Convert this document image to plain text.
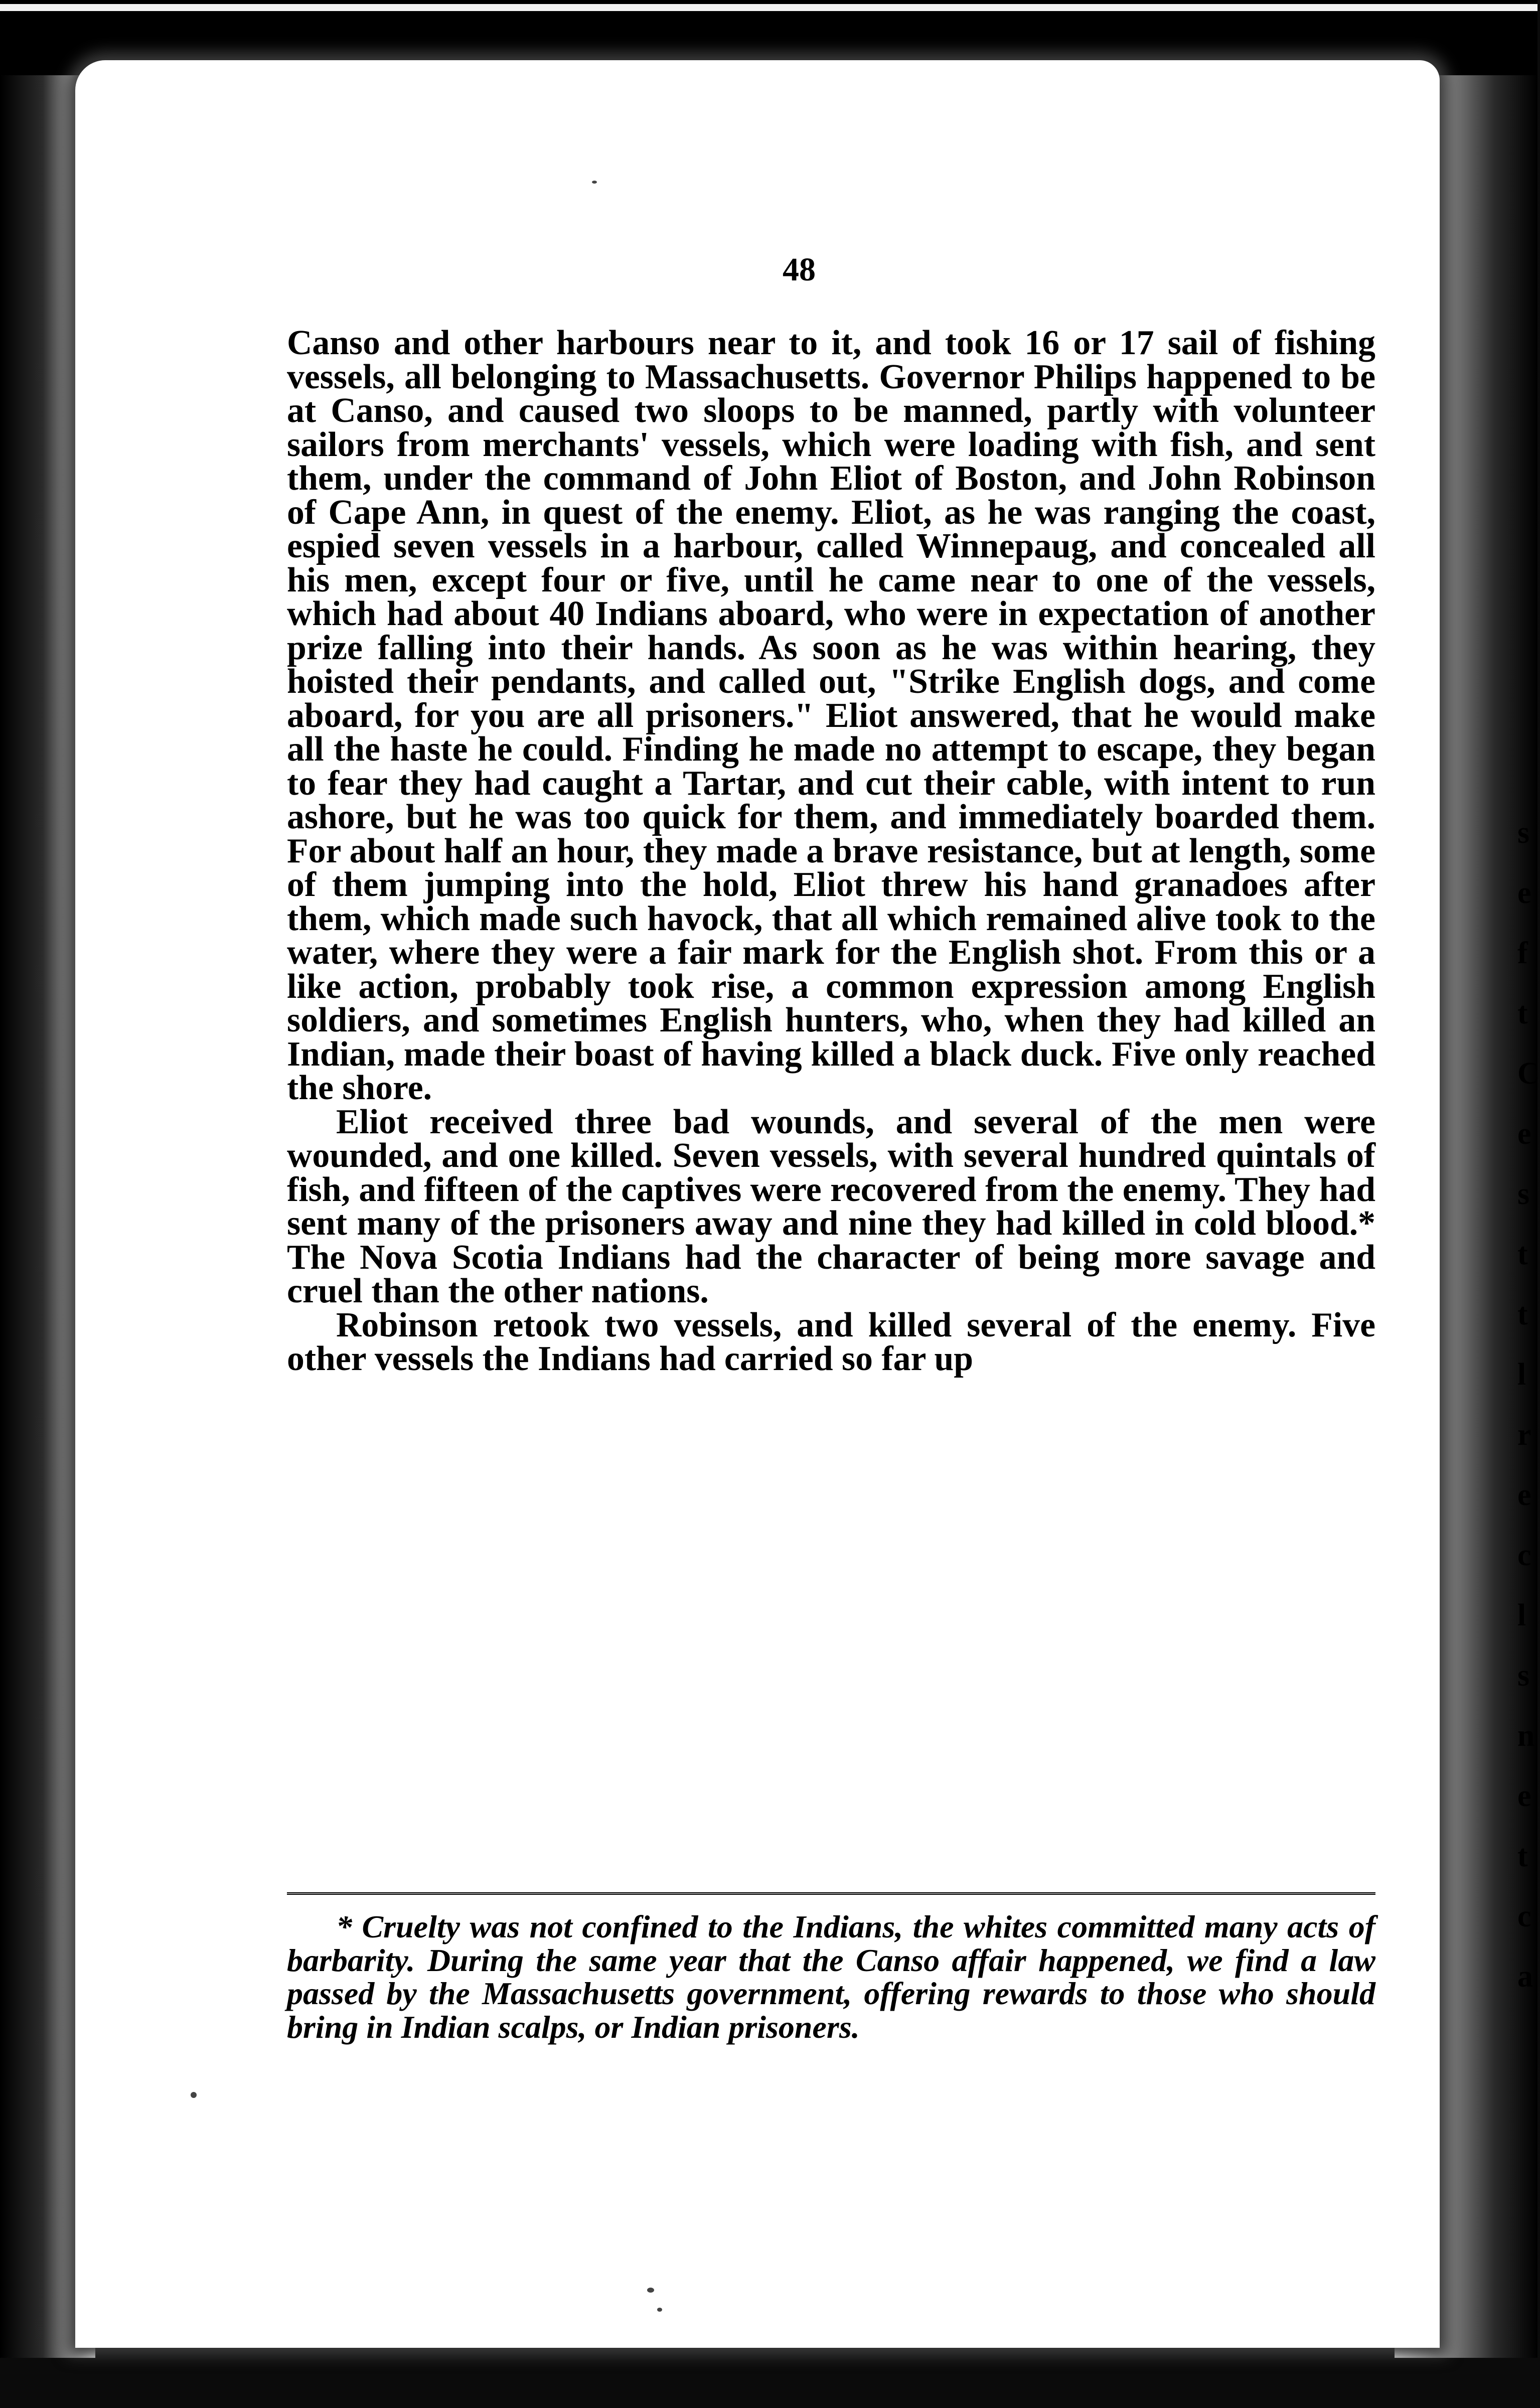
s
e
f
t
C
e
s
t
t
l
r
e
c
l
s
n
e
t
c
a
48

Canso and other harbours near to it, and took 16 or 17 sail of fishing vessels, all belonging to Massachusetts. Governor Philips happened to be at Canso, and caused two sloops to be manned, partly with volunteer sailors from merchants' vessels, which were loading with fish, and sent them, under the command of John Eliot of Boston, and John Robinson of Cape Ann, in quest of the enemy. Eliot, as he was ranging the coast, espied seven vessels in a harbour, called Winnepaug, and concealed all his men, except four or five, until he came near to one of the vessels, which had about 40 Indians aboard, who were in expectation of another prize falling into their hands. As soon as he was within hearing, they hoisted their pendants, and called out, "Strike English dogs, and come aboard, for you are all prisoners." Eliot answered, that he would make all the haste he could. Finding he made no attempt to escape, they began to fear they had caught a Tartar, and cut their cable, with intent to run ashore, but he was too quick for them, and immediately boarded them. For about half an hour, they made a brave resistance, but at length, some of them jumping into the hold, Eliot threw his hand granadoes after them, which made such havock, that all which remained alive took to the water, where they were a fair mark for the English shot. From this or a like action, probably took rise, a common expression among English soldiers, and sometimes English hunters, who, when they had killed an Indian, made their boast of having killed a black duck. Five only reached the shore.

Eliot received three bad wounds, and several of the men were wounded, and one killed. Seven vessels, with several hundred quintals of fish, and fifteen of the captives were recovered from the enemy. They had sent many of the prisoners away and nine they had killed in cold blood.* The Nova Scotia Indians had the character of being more savage and cruel than the other nations.

Robinson retook two vessels, and killed several of the enemy. Five other vessels the Indians had carried so far up

* Cruelty was not confined to the Indians, the whites committed many acts of barbarity. During the same year that the Canso affair happened, we find a law passed by the Massachusetts government, offering rewards to those who should bring in Indian scalps, or Indian prisoners.
